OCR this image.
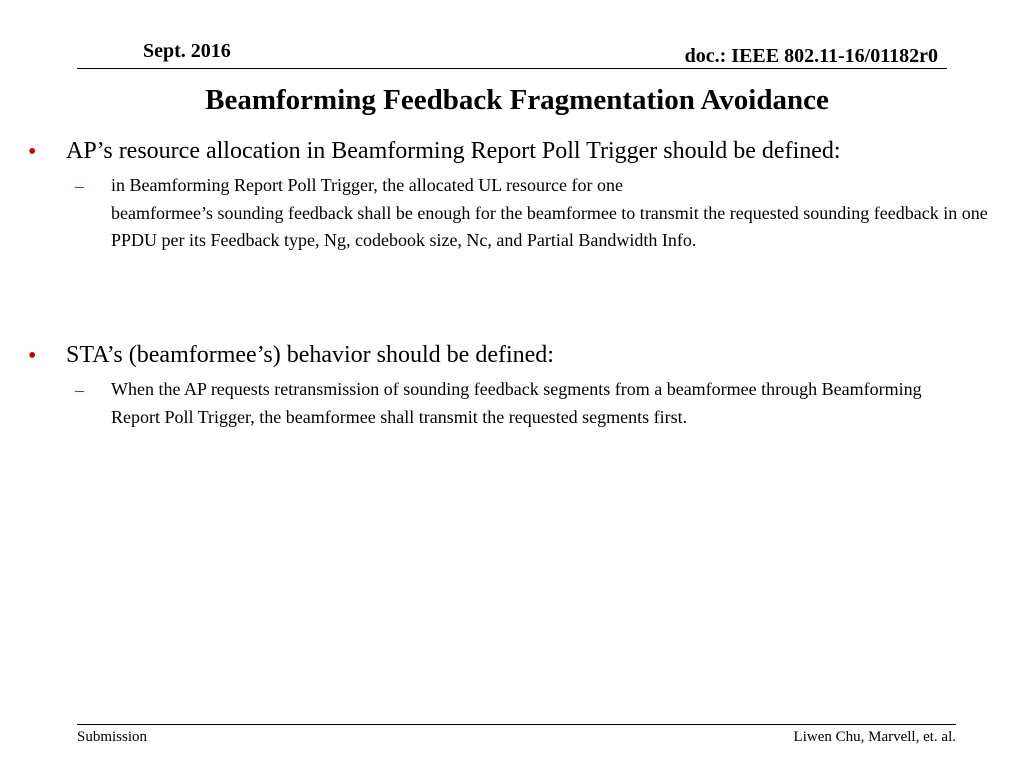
Sept. 2016	doc.: IEEE 802.11-16/01182r0
Beamforming Feedback Fragmentation Avoidance
• AP’s resource allocation in Beamforming Report Poll Trigger should be defined:
– in Beamforming Report Poll Trigger, the allocated UL resource for one
beamformee’s sounding feedback shall be enough for the beamformee to transmit the requested sounding feedback in one PPDU per its Feedback type, Ng, codebook size, Nc, and Partial Bandwidth Info.
• STA’s (beamformee’s) behavior should be defined:
– When the AP requests retransmission of sounding feedback segments from a beamformee through Beamforming Report Poll Trigger, the beamformee shall transmit the requested segments first.
Submission	Liwen Chu, Marvell, et. al.
